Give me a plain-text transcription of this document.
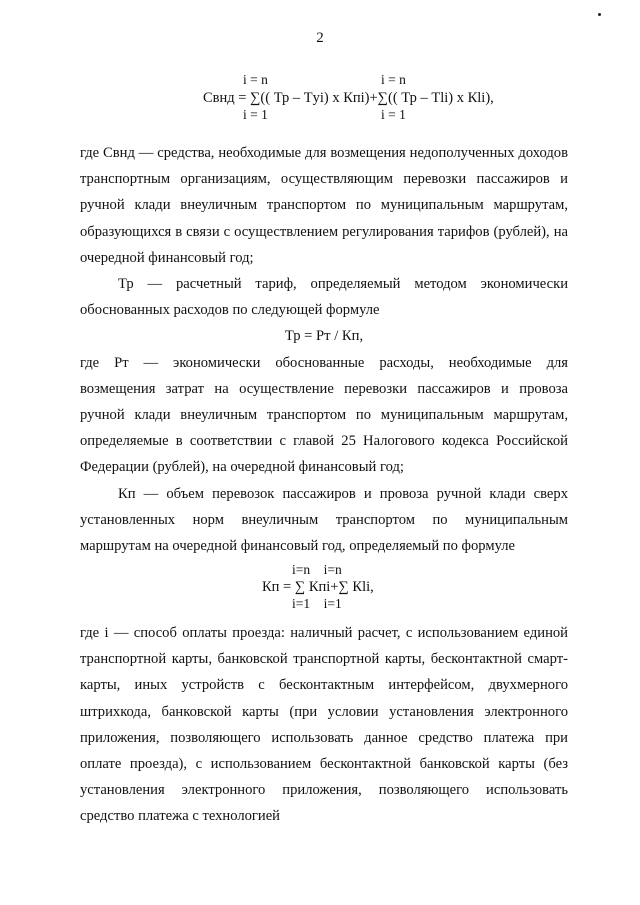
2
i = n	i = n
Свнд = ∑(( Тр – Тyi) х Кпi)+∑(( Тр – Тli) х Кli),
i = 1	i = 1

где Свнд — средства, необходимые для возмещения недополученных доходов транспортным организациям, осуществляющим перевозки пассажиров и ручной клади внеуличным транспортом по муниципальным маршрутам, образующихся в связи с осуществлением регулирования тарифов (рублей), на очередной финансовый год;

Тр — расчетный тариф, определяемый методом экономически обоснованных расходов по следующей формуле

Тр = Рт / Кп,

где Рт — экономически обоснованные расходы, необходимые для возмещения затрат на осуществление перевозки пассажиров и провоза ручной клади внеуличным транспортом по муниципальным маршрутам, определяемые в соответствии с главой 25 Налогового кодекса Российской Федерации (рублей), на очередной финансовый год;

Кп — объем перевозок пассажиров и провоза ручной клади сверх установленных норм внеуличным транспортом по муниципальным маршрутам на очередной финансовый год, определяемый по формуле

i=n    i=n
Кп = ∑ Кпi+∑ Кli,
i=1    i=1

где i — способ оплаты проезда: наличный расчет, с использованием единой транспортной карты, банковской транспортной карты, бесконтактной смарт-карты, иных устройств с бесконтактным интерфейсом, двухмерного штрихкода, банковской карты (при условии установления электронного приложения, позволяющего использовать данное средство платежа при оплате проезда), с использованием бесконтактной банковской карты (без установления электронного приложения, позволяющего использовать средство платежа с технологией
